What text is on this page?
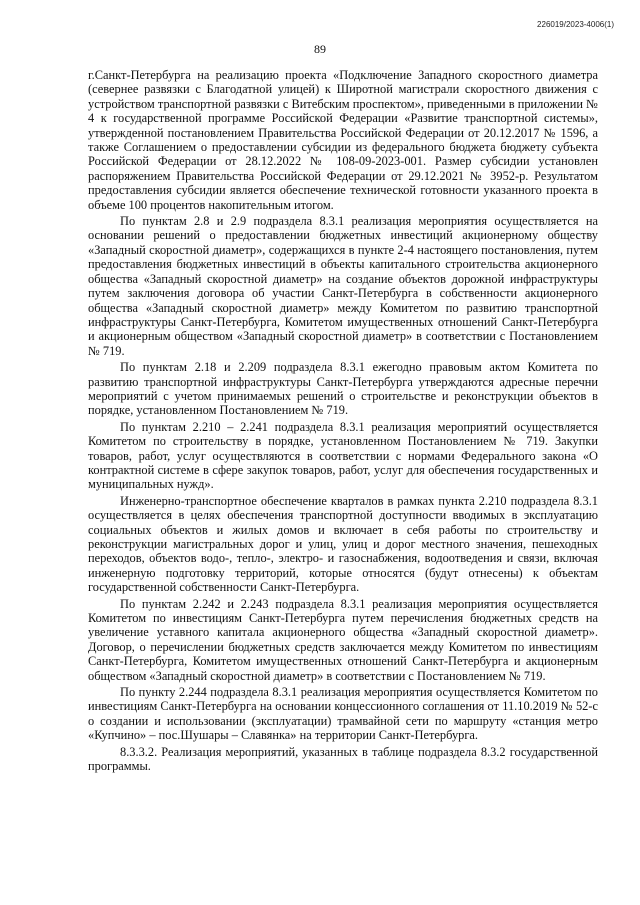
226019/2023-4006(1)
89

г.Санкт-Петербурга на реализацию проекта «Подключение Западного скоростного диаметра (севернее развязки с Благодатной улицей) к Широтной магистрали скоростного движения с устройством транспортной развязки с Витебским проспектом», приведенными в приложении № 4 к государственной программе Российской Федерации «Развитие транспортной системы», утвержденной постановлением Правительства Российской Федерации от 20.12.2017 № 1596, а также Соглашением о предоставлении субсидии из федерального бюджета бюджету субъекта Российской Федерации от 28.12.2022 № 108-09-2023-001. Размер субсидии установлен распоряжением Правительства Российской Федерации от 29.12.2021 № 3952-р. Результатом предоставления субсидии является обеспечение технической готовности указанного проекта в объеме 100 процентов накопительным итогом.

По пунктам 2.8 и 2.9 подраздела 8.3.1 реализация мероприятия осуществляется на основании решений о предоставлении бюджетных инвестиций акционерному обществу «Западный скоростной диаметр», содержащихся в пункте 2-4 настоящего постановления, путем предоставления бюджетных инвестиций в объекты капитального строительства акционерного общества «Западный скоростной диаметр» на создание объектов дорожной инфраструктуры путем заключения договора об участии Санкт-Петербурга в собственности акционерного общества «Западный скоростной диаметр» между Комитетом по развитию транспортной инфраструктуры Санкт-Петербурга, Комитетом имущественных отношений Санкт-Петербурга и акционерным обществом «Западный скоростной диаметр» в соответствии с Постановлением № 719.

По пунктам 2.18 и 2.209 подраздела 8.3.1 ежегодно правовым актом Комитета по развитию транспортной инфраструктуры Санкт-Петербурга утверждаются адресные перечни мероприятий с учетом принимаемых решений о строительстве и реконструкции объектов в порядке, установленном Постановлением № 719.

По пунктам 2.210 – 2.241 подраздела 8.3.1 реализация мероприятий осуществляется Комитетом по строительству в порядке, установленном Постановлением № 719. Закупки товаров, работ, услуг осуществляются в соответствии с нормами Федерального закона «О контрактной системе в сфере закупок товаров, работ, услуг для обеспечения государственных и муниципальных нужд».

Инженерно-транспортное обеспечение кварталов в рамках пункта 2.210 подраздела 8.3.1 осуществляется в целях обеспечения транспортной доступности вводимых в эксплуатацию социальных объектов и жилых домов и включает в себя работы по строительству и реконструкции магистральных дорог и улиц, улиц и дорог местного значения, пешеходных переходов, объектов водо-, тепло-, электро- и газоснабжения, водоотведения и связи, включая инженерную подготовку территорий, которые относятся (будут отнесены) к объектам государственной собственности Санкт-Петербурга.

По пунктам 2.242 и 2.243 подраздела 8.3.1 реализация мероприятия осуществляется Комитетом по инвестициям Санкт-Петербурга путем перечисления бюджетных средств на увеличение уставного капитала акционерного общества «Западный скоростной диаметр». Договор, о перечислении бюджетных средств заключается между Комитетом по инвестициям Санкт-Петербурга, Комитетом имущественных отношений Санкт-Петербурга и акционерным обществом «Западный скоростной диаметр» в соответствии с Постановлением № 719.

По пункту 2.244 подраздела 8.3.1 реализация мероприятия осуществляется Комитетом по инвестициям Санкт-Петербурга на основании концессионного соглашения от 11.10.2019 № 52-с о создании и использовании (эксплуатации) трамвайной сети по маршруту «станция метро «Купчино» – пос.Шушары – Славянка» на территории Санкт-Петербурга.

8.3.3.2. Реализация мероприятий, указанных в таблице подраздела 8.3.2 государственной программы.
